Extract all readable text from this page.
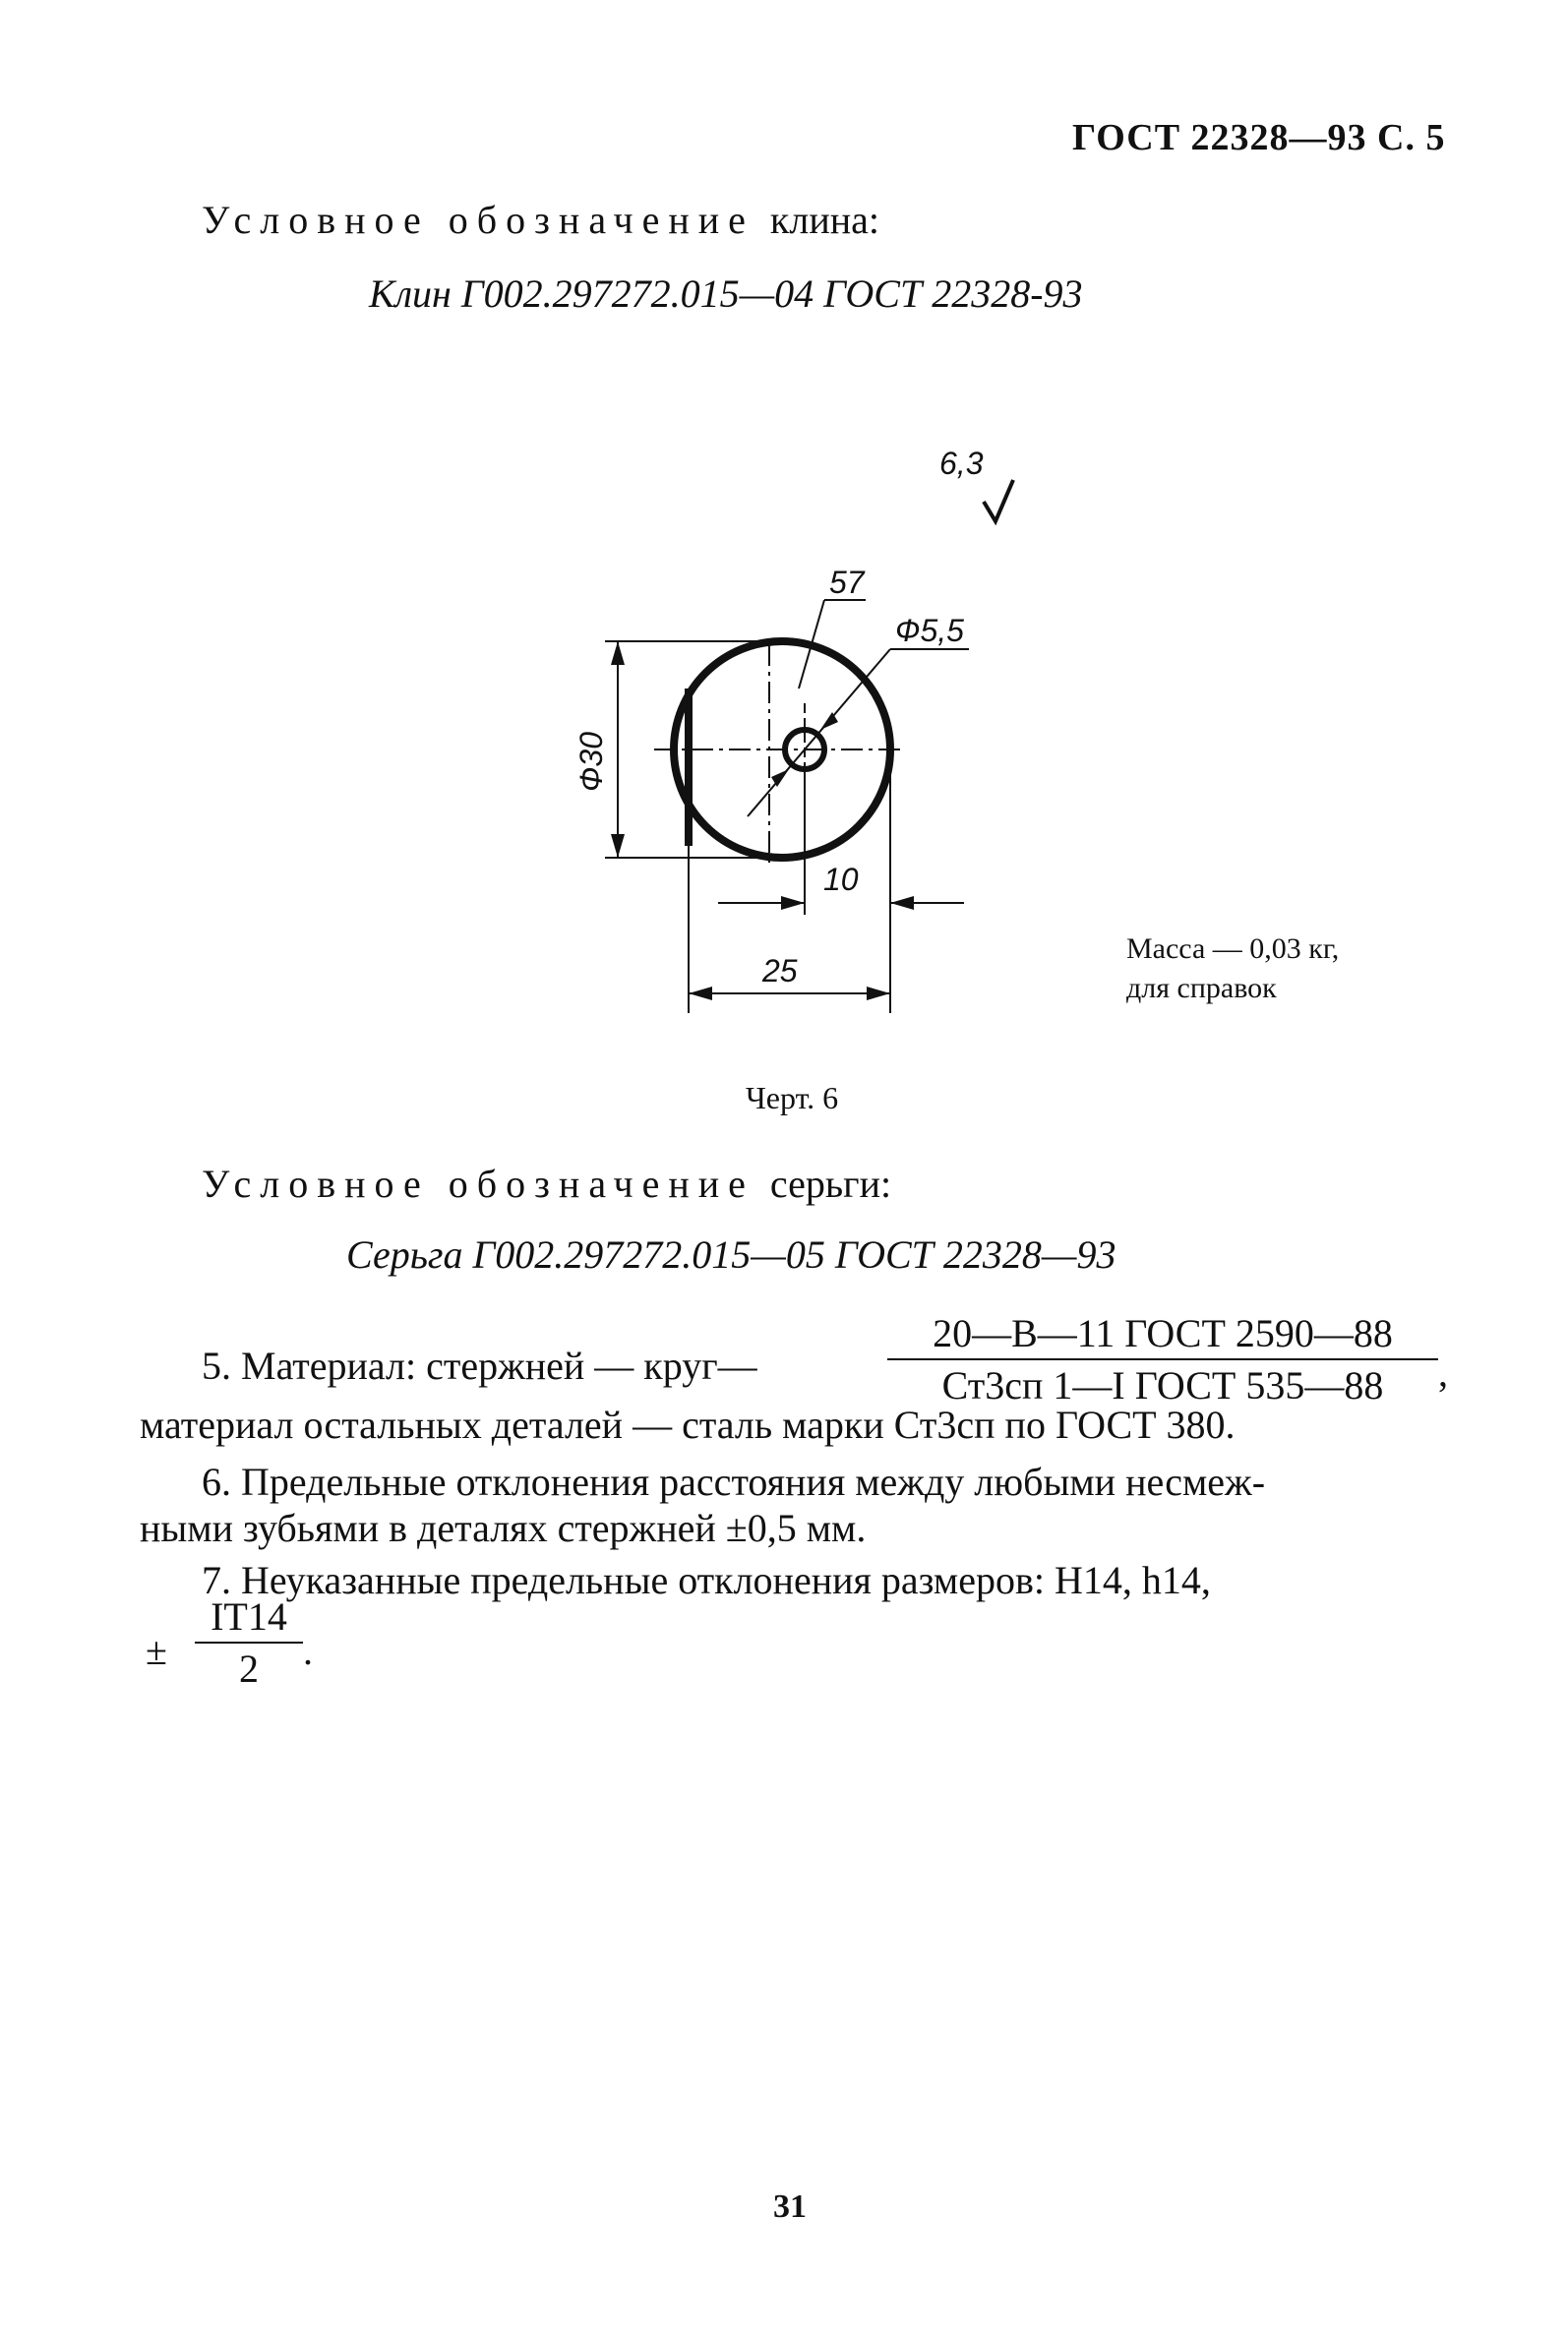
ГОСТ 22328—93 С. 5
Условное обозначение клина:
Клин Г002.297272.015—04 ГОСТ 22328-93
6,3
57
Ф5,5
Ф30
10
25
Масса — 0,03 кг,
для справок
Черт. 6
Условное обозначение серьги:
Серьга Г002.297272.015—05 ГОСТ 22328—93
5. Материал: стержней — круг—
20—В—11 ГОСТ 2590—88
Ст3сп 1—I ГОСТ 535—88	,
материал остальных деталей — сталь марки Ст3сп по ГОСТ 380.
6. Предельные отклонения расстояния между любыми несмеж-
ными зубьями в деталях стержней ±0,5 мм.
7. Неуказанные предельные отклонения размеров: Н14, h14,
± $\frac{IT14}{2}$ .
31
